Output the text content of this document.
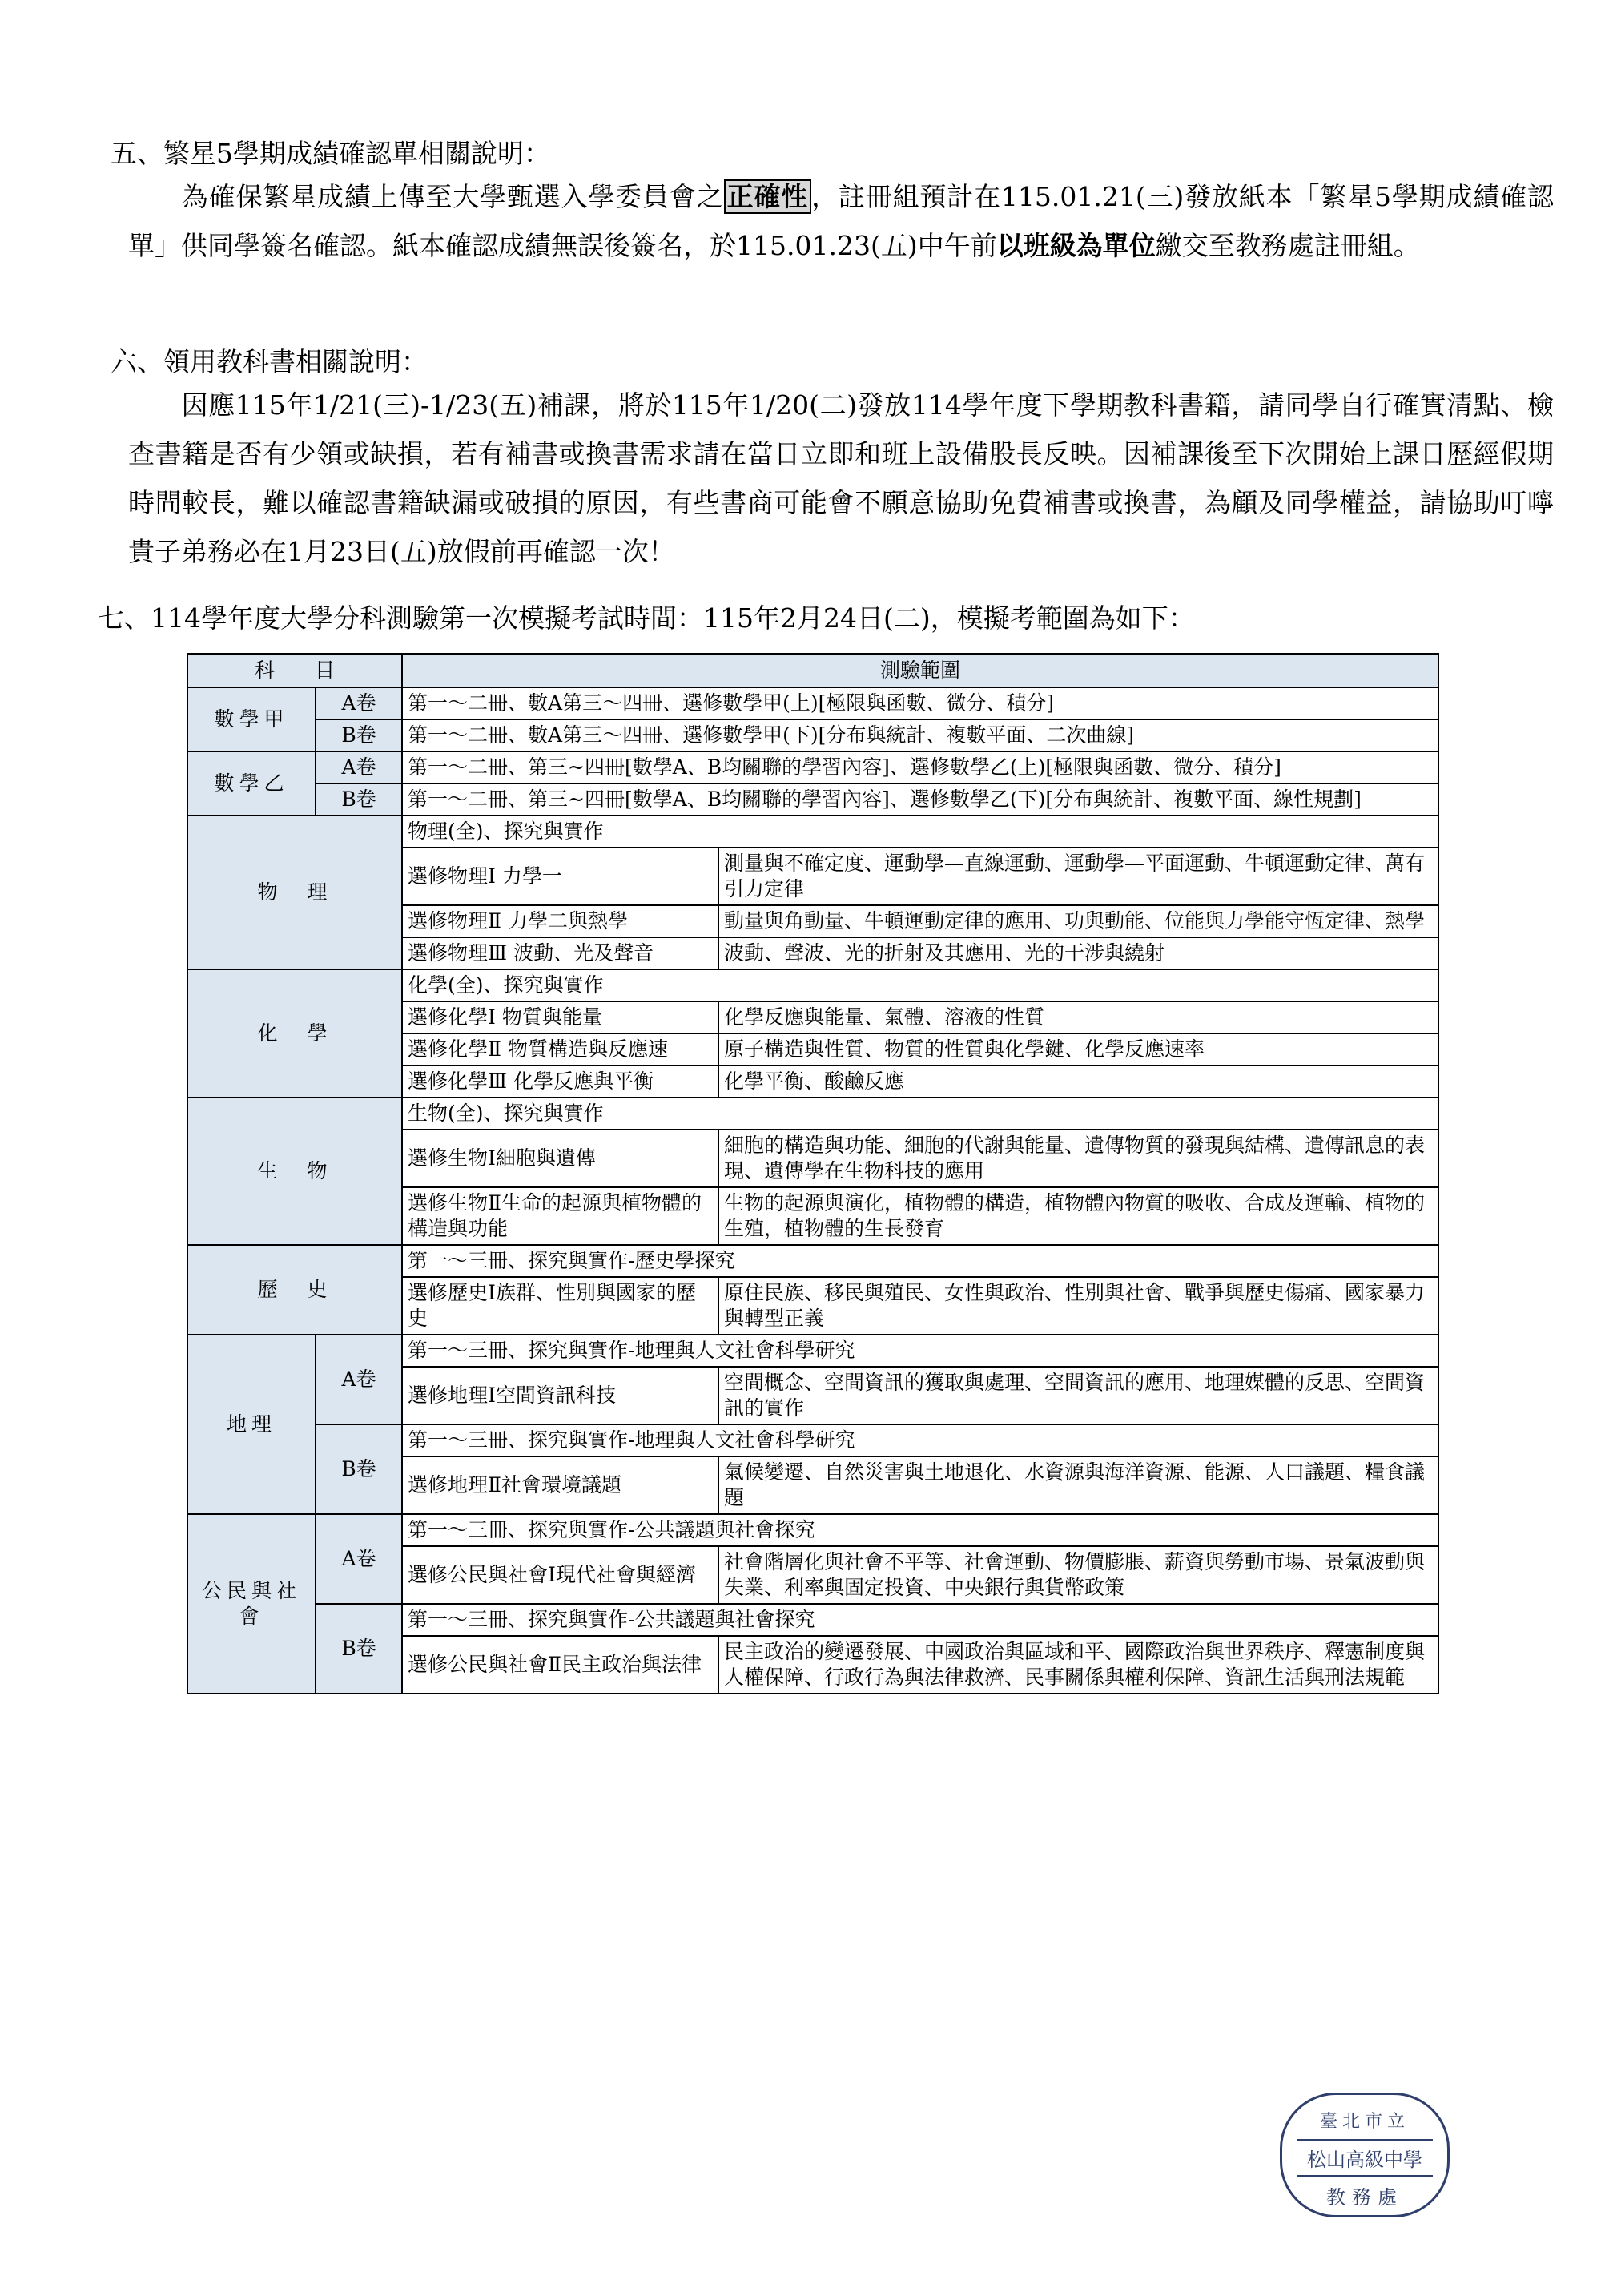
五、繁星5學期成績確認單相關說明：
為確保繁星成績上傳至大學甄選入學委員會之 正確性 ，註冊組預計在115.01.21(三)發放紙本「繁星5學期成績確認單」供同學簽名確認。紙本確認成績無誤後簽名，於115.01.23(五)中午前以班級為單位繳交至教務處註冊組。
六、領用教科書相關說明：
因應115年1/21(三)-1/23(五)補課，將於115年1/20(二)發放114學年度下學期教科書籍，請同學自行確實清點、檢查書籍是否有少領或缺損，若有補書或換書需求請在當日立即和班上設備股長反映。因補課後至下次開始上課日歷經假期時間較長，難以確認書籍缺漏或破損的原因，有些書商可能會不願意協助免費補書或換書，為顧及同學權益，請協助叮嚀貴子弟務必在1月23日(五)放假前再確認一次！
七、114學年度大學分科測驗第一次模擬考試時間：115年2月24日(二)，模擬考範圍為如下：
科　　目		測驗範圍	
數學甲	A卷	第一～二冊、數A第三～四冊、選修數學甲(上)[極限與函數、微分、積分]	
	B卷	第一～二冊、數A第三～四冊、選修數學甲(下)[分布與統計、複數平面、二次曲線]	
數學乙	A卷	第一～二冊、第三~四冊[數學A、B均關聯的學習內容]、選修數學乙(上)[極限與函數、微分、積分]	
	B卷	第一～二冊、第三~四冊[數學A、B均關聯的學習內容]、選修數學乙(下)[分布與統計、複數平面、線性規劃]	
物　理		物理(全)、探究與實作	
		選修物理Ⅰ 力學一	測量與不確定度、運動學—直線運動、運動學—平面運動、牛頓運動定律、萬有引力定律
		選修物理Ⅱ 力學二與熱學	動量與角動量、牛頓運動定律的應用、功與動能、位能與力學能守恆定律、熱學
		選修物理Ⅲ 波動、光及聲音	波動、聲波、光的折射及其應用、光的干涉與繞射
化　學		化學(全)、探究與實作	
		選修化學Ⅰ 物質與能量	化學反應與能量、氣體、溶液的性質
		選修化學Ⅱ 物質構造與反應速	原子構造與性質、物質的性質與化學鍵、化學反應速率
		選修化學Ⅲ 化學反應與平衡	化學平衡、酸鹼反應
生　物		生物(全)、探究與實作	
		選修生物Ⅰ細胞與遺傳	細胞的構造與功能、細胞的代謝與能量、遺傳物質的發現與結構、遺傳訊息的表現、遺傳學在生物科技的應用
		選修生物Ⅱ生命的起源與植物體的構造與功能	生物的起源與演化，植物體的構造，植物體內物質的吸收、合成及運輸、植物的生殖，植物體的生長發育
歷　史		第一～三冊、探究與實作-歷史學探究	
		選修歷史Ⅰ族群、性別與國家的歷史	原住民族、移民與殖民、女性與政治、性別與社會、戰爭與歷史傷痛、國家暴力與轉型正義
地理	A卷	第一～三冊、探究與實作-地理與人文社會科學研究	
		選修地理Ⅰ空間資訊科技	空間概念、空間資訊的獲取與處理、空間資訊的應用、地理媒體的反思、空間資訊的實作
	B卷	第一～三冊、探究與實作-地理與人文社會科學研究	
		選修地理Ⅱ社會環境議題	氣候變遷、自然災害與土地退化、水資源與海洋資源、能源、人口議題、糧食議題
公民與社會	A卷	第一～三冊、探究與實作-公共議題與社會探究	
		選修公民與社會Ⅰ現代社會與經濟	社會階層化與社會不平等、社會運動、物價膨脹、薪資與勞動市場、景氣波動與失業、利率與固定投資、中央銀行與貨幣政策
	B卷	第一～三冊、探究與實作-公共議題與社會探究	
		選修公民與社會Ⅱ民主政治與法律	民主政治的變遷發展、中國政治與區域和平、國際政治與世界秩序、釋憲制度與人權保障、行政行為與法律救濟、民事關係與權利保障、資訊生活與刑法規範
臺北市立
松山高級中學
教務處
